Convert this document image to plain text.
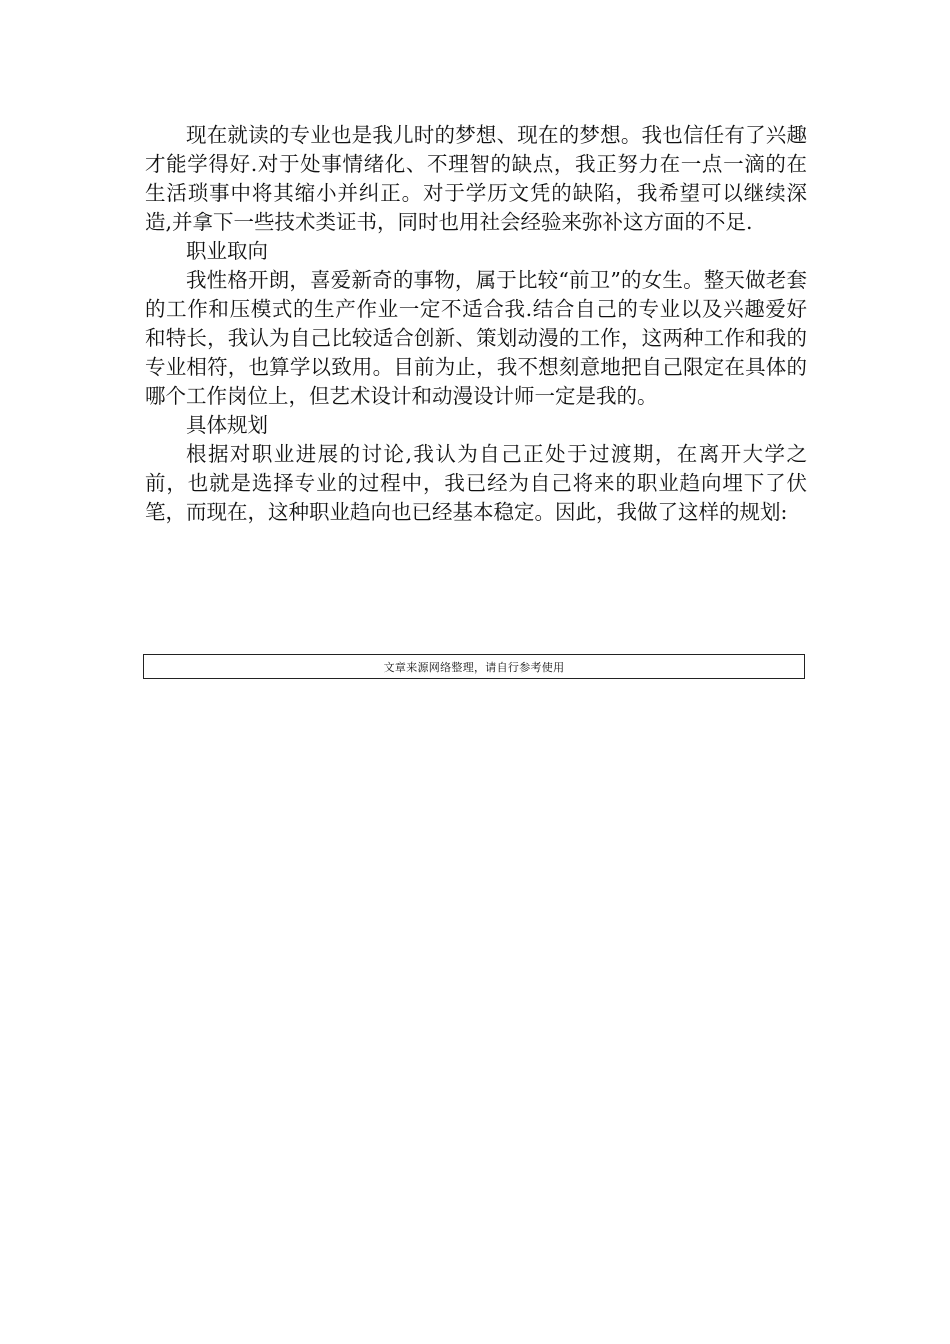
现在就读的专业也是我儿时的梦想、现在的梦想。我也信任有了兴趣才能学得好.对于处事情绪化、不理智的缺点，我正努力在一点一滴的在生活琐事中将其缩小并纠正。对于学历文凭的缺陷，我希望可以继续深造,并拿下一些技术类证书，同时也用社会经验来弥补这方面的不足.

职业取向

我性格开朗，喜爱新奇的事物，属于比较“前卫”的女生。整天做老套的工作和压模式的生产作业一定不适合我.结合自己的专业以及兴趣爱好和特长，我认为自己比较适合创新、策划动漫的工作，这两种工作和我的专业相符，也算学以致用。目前为止，我不想刻意地把自己限定在具体的哪个工作岗位上，但艺术设计和动漫设计师一定是我的。

具体规划

根据对职业进展的讨论,我认为自己正处于过渡期，在离开大学之前，也就是选择专业的过程中，我已经为自己将来的职业趋向埋下了伏笔，而现在，这种职业趋向也已经基本稳定。因此，我做了这样的规划:

文章来源网络整理，请自行参考使用
